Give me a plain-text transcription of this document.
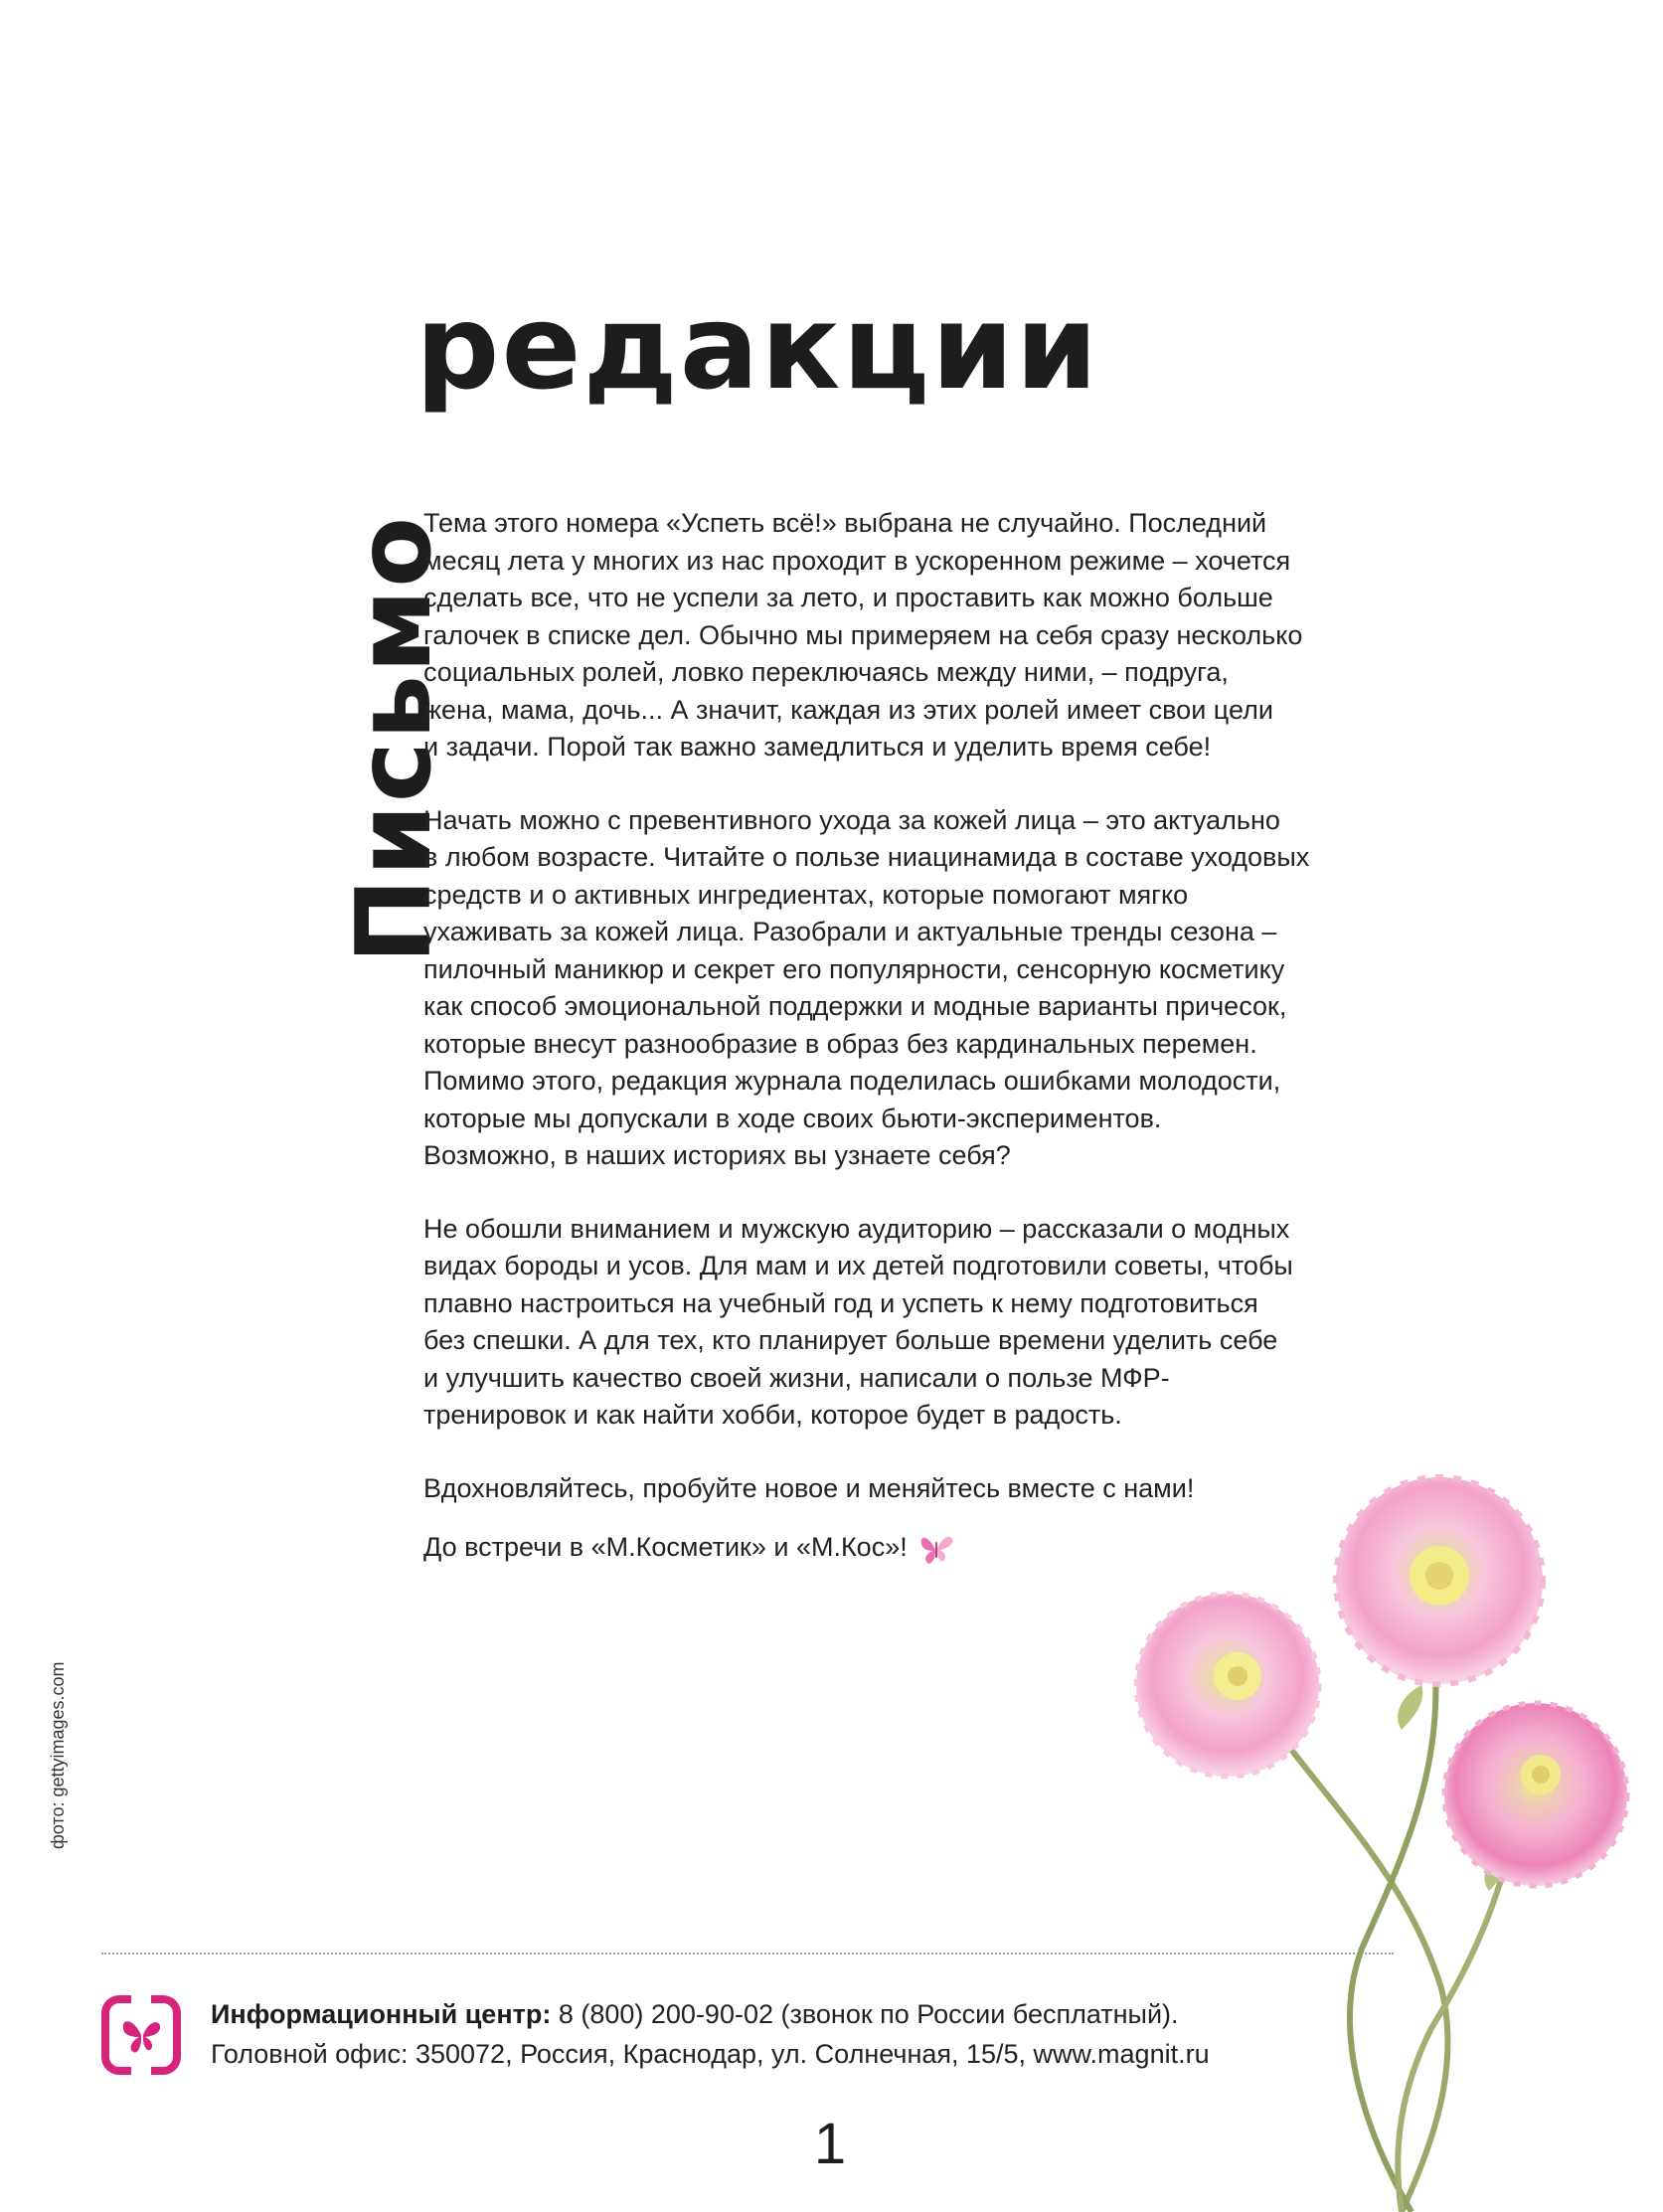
редакции
Письмо

Тема этого номера «Успеть всё!» выбрана не случайно. Последний
месяц лета у многих из нас проходит в ускоренном режиме – хочется
сделать все, что не успели за лето, и проставить как можно больше
галочек в списке дел. Обычно мы примеряем на себя сразу несколько
социальных ролей, ловко переключаясь между ними, – подруга,
жена, мама, дочь... А значит, каждая из этих ролей имеет свои цели
и задачи. Порой так важно замедлиться и уделить время себе!

Начать можно с превентивного ухода за кожей лица – это актуально
в любом возрасте. Читайте о пользе ниацинамида в составе уходовых
средств и о активных ингредиентах, которые помогают мягко
ухаживать за кожей лица. Разобрали и актуальные тренды сезона –
пилочный маникюр и секрет его популярности, сенсорную косметику
как способ эмоциональной поддержки и модные варианты причесок,
которые внесут разнообразие в образ без кардинальных перемен.
Помимо этого, редакция журнала поделилась ошибками молодости,
которые мы допускали в ходе своих бьюти-экспериментов.
Возможно, в наших историях вы узнаете себя?

Не обошли вниманием и мужскую аудиторию – рассказали о модных
видах бороды и усов. Для мам и их детей подготовили советы, чтобы
плавно настроиться на учебный год и успеть к нему подготовиться
без спешки. А для тех, кто планирует больше времени уделить себе
и улучшить качество своей жизни, написали о пользе МФР-
тренировок и как найти хобби, которое будет в радость.

Вдохновляйтесь, пробуйте новое и меняйтесь вместе с нами!

До встречи в «М.Косметик» и «М.Кос»!

фото: gettyimages.com
Информационный центр: 8 (800) 200-90-02 (звонок по России бесплатный).
Головной офис: 350072, Россия, Краснодар, ул. Солнечная, 15/5, www.magnit.ru
1
